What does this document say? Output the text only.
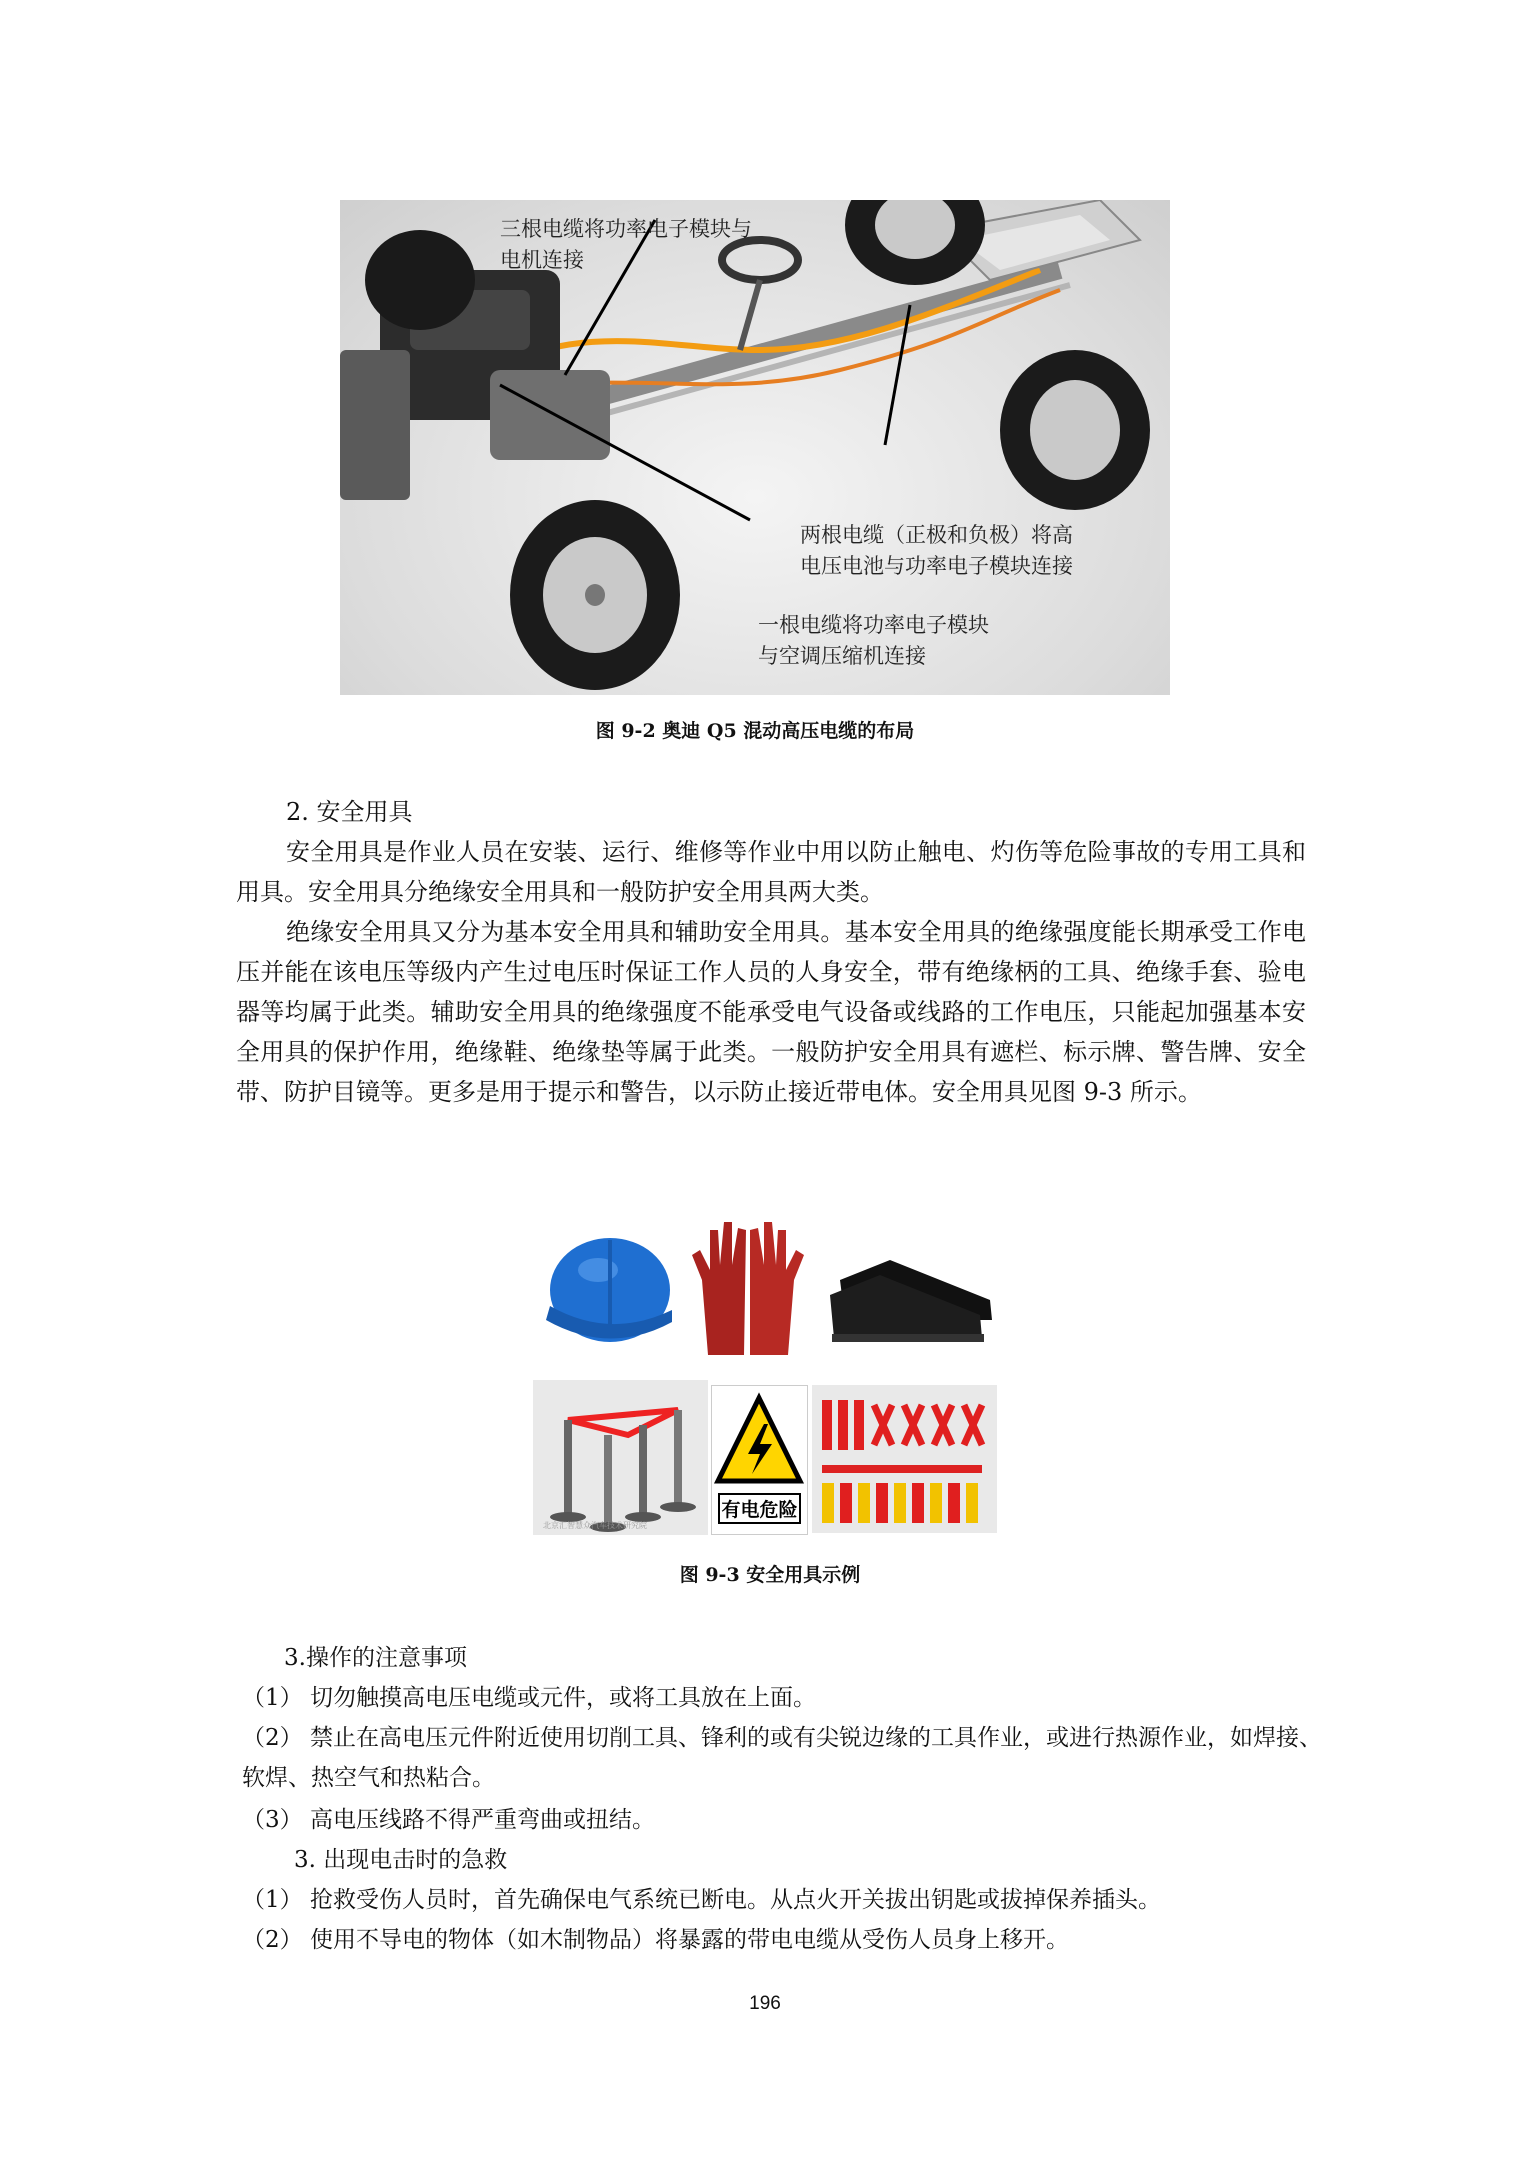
三根电缆将功率电子模块与
电机连接
两根电缆（正极和负极）将高
电压电池与功率电子模块连接
一根电缆将功率电子模块
与空调压缩机连接
图 9-2 奥迪 Q5 混动高压电缆的布局
2. 安全用具
安全用具是作业人员在安装、运行、维修等作业中用以防止触电、灼伤等危险事故的专用工具和用具。安全用具分绝缘安全用具和一般防护安全用具两大类。
绝缘安全用具又分为基本安全用具和辅助安全用具。基本安全用具的绝缘强度能长期承受工作电压并能在该电压等级内产生过电压时保证工作人员的人身安全，带有绝缘柄的工具、绝缘手套、验电器等均属于此类。辅助安全用具的绝缘强度不能承受电气设备或线路的工作电压，只能起加强基本安全用具的保护作用，绝缘鞋、绝缘垫等属于此类。一般防护安全用具有遮栏、标示牌、警告牌、安全带、防护目镜等。更多是用于提示和警告，以示防止接近带电体。安全用具见图 9-3 所示。
北京汇智慧众汽车技术研究院
有电危险
图 9-3 安全用具示例
3.操作的注意事项
（1） 切勿触摸高电压电缆或元件，或将工具放在上面。
（2） 禁止在高电压元件附近使用切削工具、锋利的或有尖锐边缘的工具作业，或进行热源作业，如焊接、软焊、热空气和热粘合。
（3） 高电压线路不得严重弯曲或扭结。
3. 出现电击时的急救
（1） 抢救受伤人员时，首先确保电气系统已断电。从点火开关拔出钥匙或拔掉保养插头。
（2） 使用不导电的物体（如木制物品）将暴露的带电电缆从受伤人员身上移开。
196
